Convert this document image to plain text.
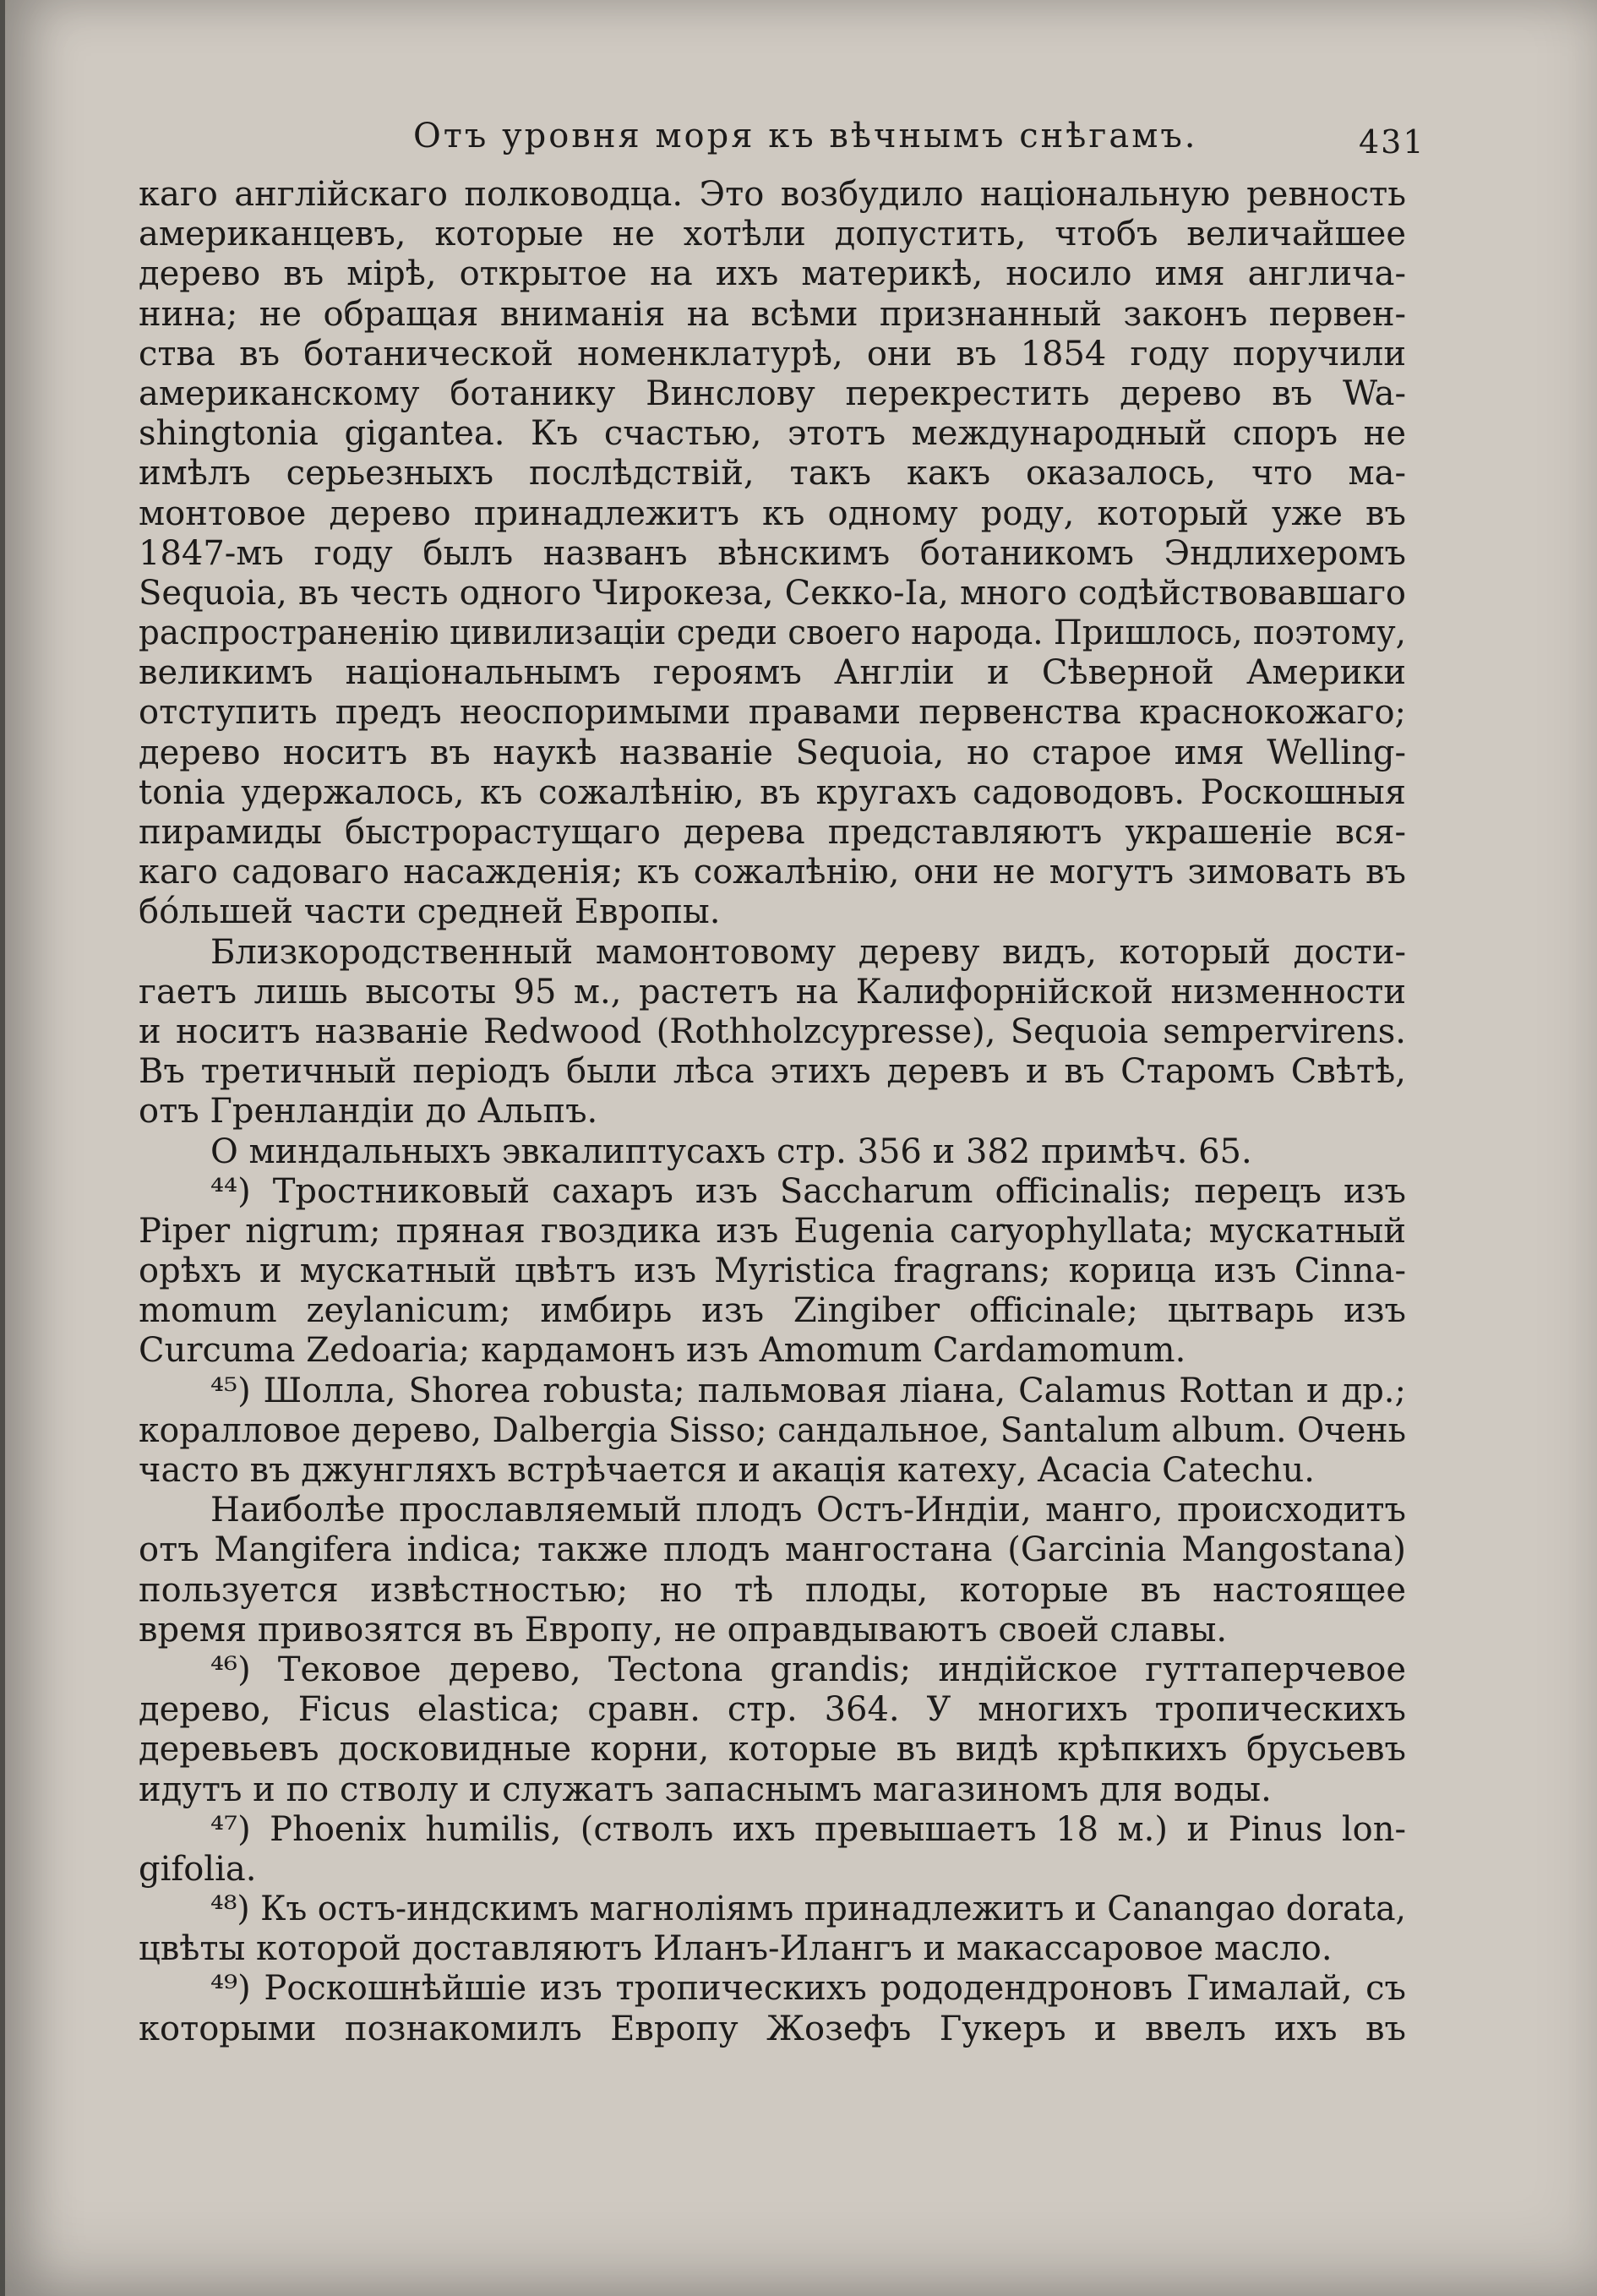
Отъ уровня моря къ вѣчнымъ снѣгамъ.	431
каго англійскаго полководца. Это возбудило національную ревность
американцевъ, которые не хотѣли допустить, чтобъ величайшее
дерево въ мірѣ, открытое на ихъ материкѣ, носило имя англича-
нина; не обращая вниманія на всѣми признанный законъ первен-
ства въ ботанической номенклатурѣ, они въ 1854 году поручили
американскому ботанику Винслову перекрестить дерево въ Wa-
shingtonia gigantea. Къ счастью, этотъ международный споръ не
имѣлъ серьезныхъ послѣдствій, такъ какъ оказалось, что ма-
монтовое дерево принадлежитъ къ одному роду, который уже въ
1847-мъ году былъ названъ вѣнскимъ ботаникомъ Эндлихеромъ
Sequoia, въ честь одного Чирокеза, Секко-Іа, много содѣйствовавшаго
распространенію цивилизаціи среди своего народа. Пришлось, поэтому,
великимъ національнымъ героямъ Англіи и Сѣверной Америки
отступить предъ неоспоримыми правами первенства краснокожаго;
дерево носитъ въ наукѣ названіе Sequoia, но старое имя Welling-
tonia удержалось, къ сожалѣнію, въ кругахъ садоводовъ. Роскошныя
пирамиды быстрорастущаго дерева представляютъ украшеніе вся-
каго садоваго насажденія; къ сожалѣнію, они не могутъ зимовать въ
бо́льшей части средней Европы.
Близкородственный мамонтовому дереву видъ, который дости-
гаетъ лишь высоты 95 м., растетъ на Калифорнійской низменности
и носитъ названіе Redwood (Rothholzcypresse), Sequoia sempervirens.
Въ третичный періодъ были лѣса этихъ деревъ и въ Старомъ Свѣтѣ,
отъ Гренландіи до Альпъ.
О миндальныхъ эвкалиптусахъ стр. 356 и 382 примѣч. 65.
⁴⁴) Тростниковый сахаръ изъ Saccharum officinalis; перецъ изъ
Piper nigrum; пряная гвоздика изъ Eugenia caryophyllata; мускатный
орѣхъ и мускатный цвѣтъ изъ Myristica fragrans; корица изъ Cinna-
momum zeylanicum; имбирь изъ Zingiber officinale; цытварь изъ
Curcuma Zedoaria; кардамонъ изъ Amomum Cardamomum.
⁴⁵) Шолла, Shorea robusta; пальмовая ліана, Calamus Rottan и др.;
коралловое дерево, Dalbergia Sisso; сандальное, Santalum album. Очень
часто въ джунгляхъ встрѣчается и акація катеху, Acacia Catechu.
Наиболѣе прославляемый плодъ Остъ-Индіи, манго, происходитъ
отъ Mangifera indica; также плодъ мангостана (Garcinia Mangostana)
пользуется извѣстностью; но тѣ плоды, которые въ настоящее
время привозятся въ Европу, не оправдываютъ своей славы.
⁴⁶) Тековое дерево, Tectona grandis; индійское гуттаперчевое
дерево, Ficus elastica; сравн. стр. 364. У многихъ тропическихъ
деревьевъ досковидные корни, которые въ видѣ крѣпкихъ брусьевъ
идутъ и по стволу и служатъ запаснымъ магазиномъ для воды.
⁴⁷) Phoenix humilis, (стволъ ихъ превышаетъ 18 м.) и Pinus lon-
gifolia.
⁴⁸) Къ остъ-индскимъ магноліямъ принадлежитъ и Canangao dorata,
цвѣты которой доставляютъ Иланъ-Илангъ и макассаровое масло.
⁴⁹) Роскошнѣйшіе изъ тропическихъ рододендроновъ Гималай, съ
которыми познакомилъ Европу Жозефъ Гукеръ и ввелъ ихъ въ
